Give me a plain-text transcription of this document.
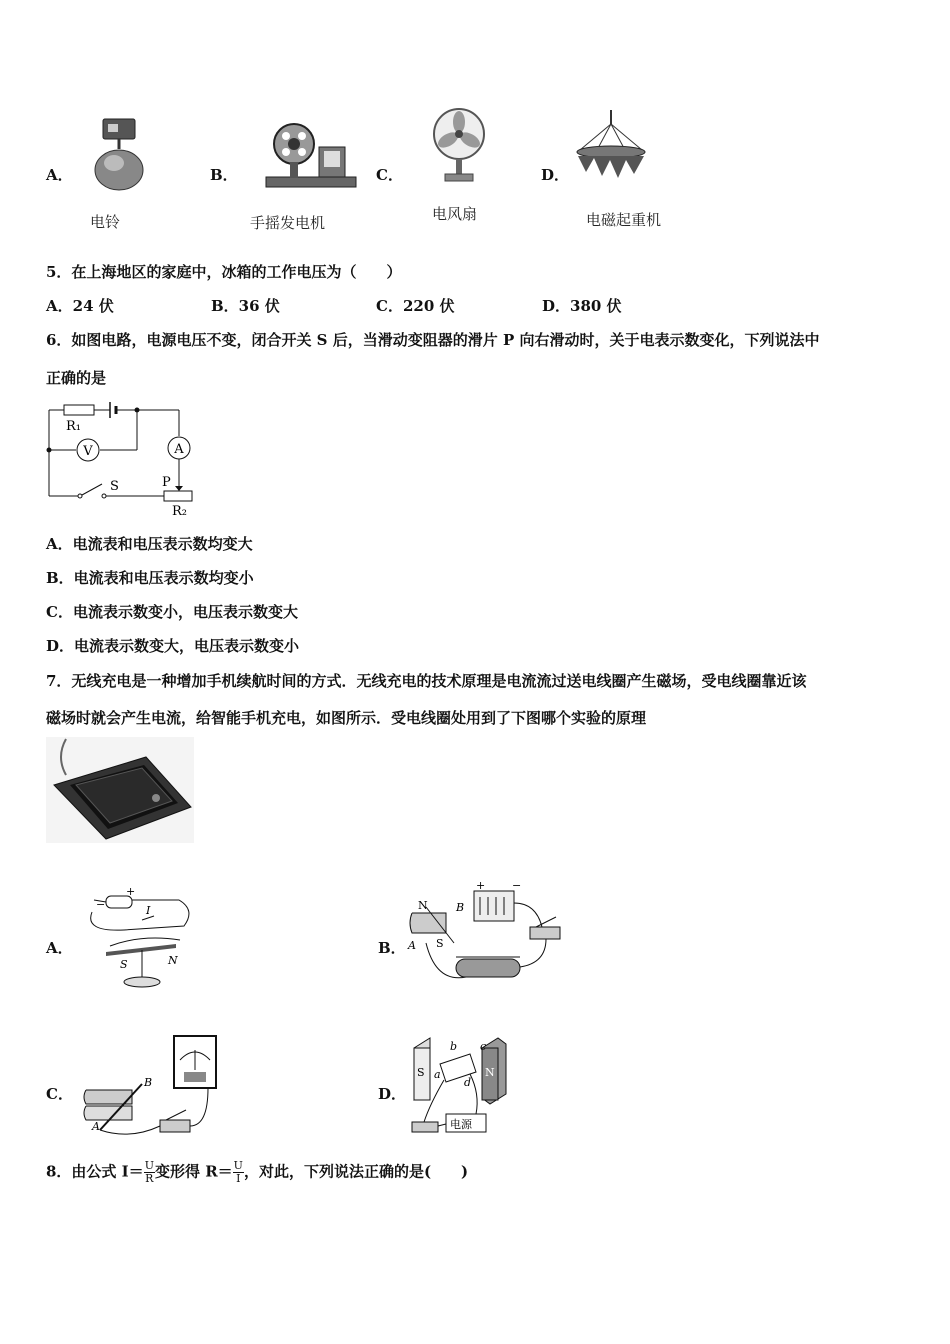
A．
电铃
B．
手摇发电机
C．
电风扇
D．
电磁起重机
5．在上海地区的家庭中，冰箱的工作电压为（　　）
A．24 伏	B．36 伏	C．220 伏	D．380 伏
6．如图电路，电源电压不变，闭合开关 S 后，当滑动变阻器的滑片 P 向右滑动时，关于电表示数变化，下列说法中
正确的是
R₁
V	A
S	P
R₂
A．电流表和电压表示数均变大
B．电流表和电压表示数均变小
C．电流表示数变小，电压表示数变大
D．电流表示数变大，电压表示数变小
7．无线充电是一种增加手机续航时间的方式．无线充电的技术原理是电流流过送电线圈产生磁场，受电线圈靠近该
磁场时就会产生电流，给智能手机充电，如图所示．受电线圈处用到了下图哪个实验的原理
A．
−
+
I
S	N
B．
+ −
N
S
A
B
C．
B
A
D．
S	N
b c
a
d
电源
8．由公式 $I= \frac{U}{R}$ 变形得 $R= \frac{U}{I}$ ，对此，下列说法正确的是(　　)
